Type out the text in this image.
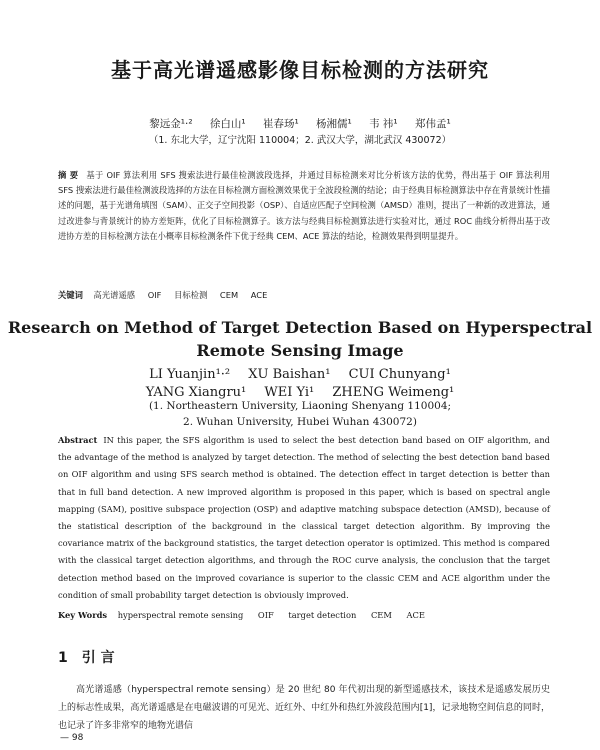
基于高光谱遥感影像目标检测的方法研究
黎远金¹·² 徐白山¹ 崔春玚¹ 杨湘儒¹ 韦 祎¹ 郑伟孟¹
（1. 东北大学，辽宁沈阳 110004；2. 武汉大学，湖北武汉 430072）

摘 要 基于 OIF 算法利用 SFS 搜索法进行最佳检测波段选择，并通过目标检测来对比分析该方法的优势，得出基于 OIF 算法利用 SFS 搜索法进行最佳检测波段选择的方法在目标检测方面检测效果优于全波段检测的结论；由于经典目标检测算法中存在背景统计性描述的问题，基于光谱角填图（SAM）、正交子空间投影（OSP）、自适应匹配子空间检测（AMSD）准则，提出了一种新的改进算法，通过改进参与背景统计的协方差矩阵，优化了目标检测算子。该方法与经典目标检测算法进行实验对比，通过 ROC 曲线分析得出基于改进协方差的目标检测方法在小概率目标检测条件下优于经典 CEM、ACE 算法的结论，检测效果得到明显提升。

关键词 高光谱遥感 OIF 目标检测 CEM ACE
Research on Method of Target Detection Based on Hyperspectral Remote Sensing Image
LI Yuanjin¹·² XU Baishan¹ CUI Chunyang¹
YANG Xiangru¹ WEI Yi¹ ZHENG Weimeng¹
(1. Northeastern University, Liaoning Shenyang 110004;
2. Wuhan University, Hubei Wuhan 430072)

Abstract IN this paper, the SFS algorithm is used to select the best detection band based on OIF algorithm, and the advantage of the method is analyzed by target detection. The method of selecting the best detection band based on OIF algorithm and using SFS search method is obtained. The detection effect in target detection is better than that in full band detection. A new improved algorithm is proposed in this paper, which is based on spectral angle mapping (SAM), positive subspace projection (OSP) and adaptive matching subspace detection (AMSD), because of the statistical description of the background in the classical target detection algorithm. By improving the covariance matrix of the background statistics, the target detection operator is optimized. This method is compared with the classical target detection algorithms, and through the ROC curve analysis, the conclusion that the target detection method based on the improved covariance is superior to the classic CEM and ACE algorithm under the condition of small probability target detection is obviously improved.

Key Words hyperspectral remote sensing OIF target detection CEM ACE
1 引 言

高光谱遥感（hyperspectral remote sensing）是 20 世纪 80 年代初出现的新型遥感技术，该技术是遥感发展历史上的标志性成果，高光谱遥感是在电磁波谱的可见光、近红外、中红外和热红外波段范围内[1]，记录地物空间信息的同时，也记录了许多非常窄的地物光谱信

— 98
